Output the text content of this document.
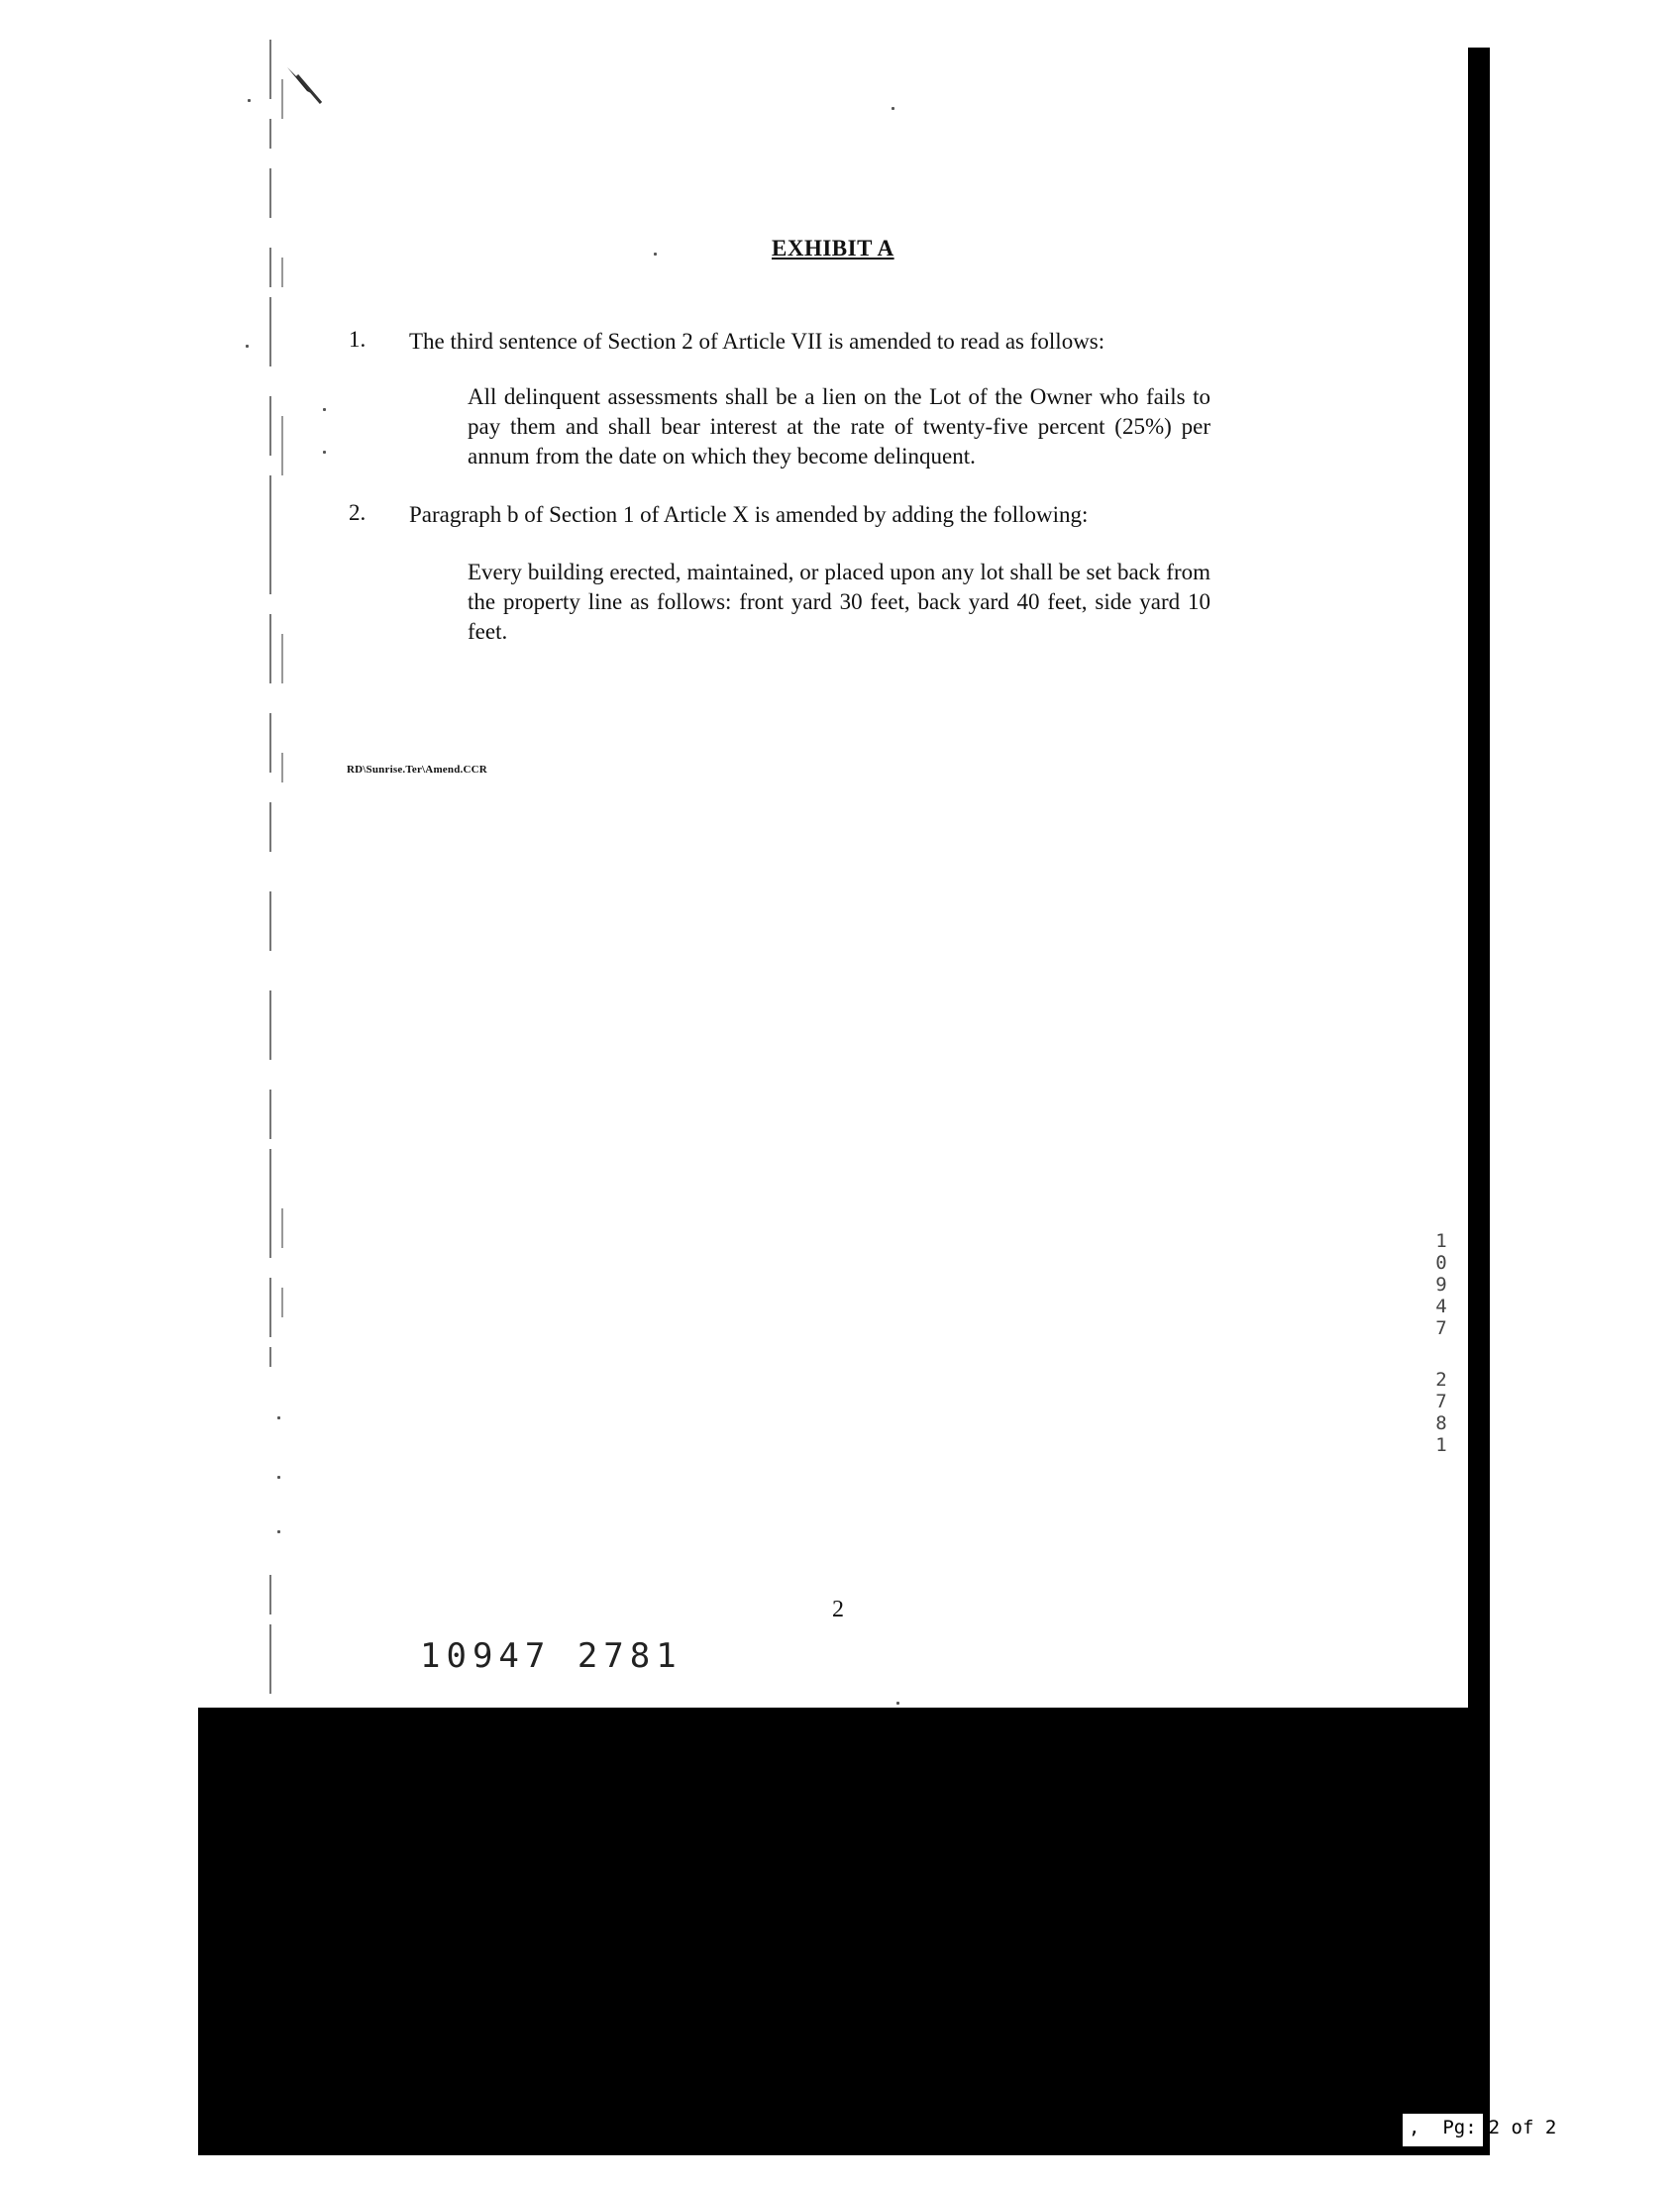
EXHIBIT A
1. The third sentence of Section 2 of Article VII is amended to read as follows:
All delinquent assessments shall be a lien on the Lot of the Owner who fails to pay them and shall bear interest at the rate of twenty-five percent (25%) per annum from the date on which they become delinquent.
2. Paragraph b of Section 1 of Article X is amended by adding the following:
Every building erected, maintained, or placed upon any lot shall be set back from the property line as follows: front yard 30 feet, back yard 40 feet, side yard 10 feet.
RD\Sunrise.Ter\Amend.CCR
1
0
9
4
7
2
7
8
1
2
10947 2781
,  Pg: 2 of 2
